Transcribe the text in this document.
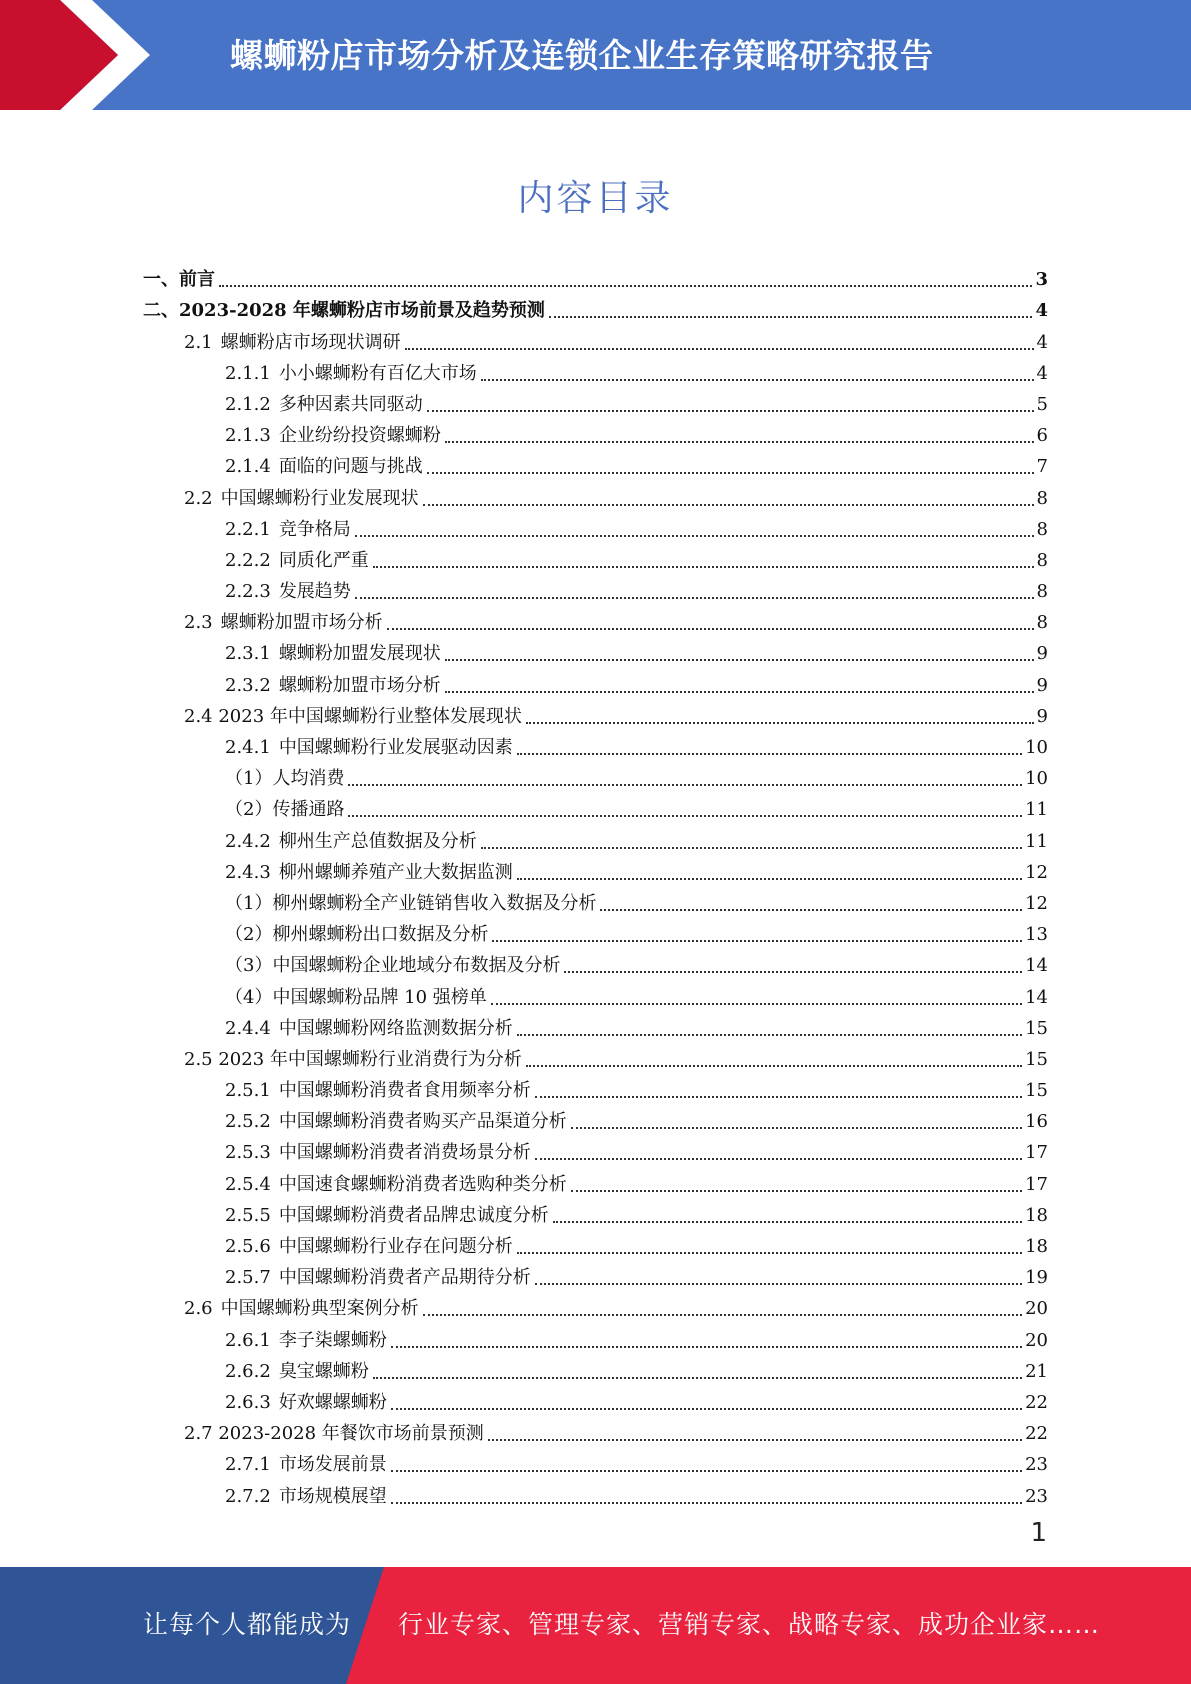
螺蛳粉店市场分析及连锁企业生存策略研究报告
内容目录
一、 前言	3
二、 2023-2028 年螺蛳粉店市场前景及趋势预测	4
2.1 螺蛳粉店市场现状调研	4
2.1.1 小小螺蛳粉有百亿大市场	4
2.1.2 多种因素共同驱动	5
2.1.3 企业纷纷投资螺蛳粉	6
2.1.4 面临的问题与挑战	7
2.2 中国螺蛳粉行业发展现状	8
2.2.1 竞争格局	8
2.2.2 同质化严重	8
2.2.3 发展趋势	8
2.3 螺蛳粉加盟市场分析	8
2.3.1 螺蛳粉加盟发展现状	9
2.3.2 螺蛳粉加盟市场分析	9
2.4 2023 年中国螺蛳粉行业整体发展现状	9
2.4.1 中国螺蛳粉行业发展驱动因素	10
（1） 人均消费	10
（2） 传播通路	11
2.4.2 柳州生产总值数据及分析	11
2.4.3 柳州螺蛳养殖产业大数据监测	12
（1） 柳州螺蛳粉全产业链销售收入数据及分析	12
（2） 柳州螺蛳粉出口数据及分析	13
（3） 中国螺蛳粉企业地域分布数据及分析	14
（4） 中国螺蛳粉品牌 10 强榜单	14
2.4.4 中国螺蛳粉网络监测数据分析	15
2.5 2023 年中国螺蛳粉行业消费行为分析	15
2.5.1 中国螺蛳粉消费者食用频率分析	15
2.5.2 中国螺蛳粉消费者购买产品渠道分析	16
2.5.3 中国螺蛳粉消费者消费场景分析	17
2.5.4 中国速食螺蛳粉消费者选购种类分析	17
2.5.5 中国螺蛳粉消费者品牌忠诚度分析	18
2.5.6 中国螺蛳粉行业存在问题分析	18
2.5.7 中国螺蛳粉消费者产品期待分析	19
2.6 中国螺蛳粉典型案例分析	20
2.6.1 李子柒螺蛳粉	20
2.6.2 臭宝螺蛳粉	21
2.6.3 好欢螺螺蛳粉	22
2.7 2023-2028 年餐饮市场前景预测	22
2.7.1 市场发展前景	23
2.7.2 市场规模展望	23
1
让每个人都能成为 行业专家、管理专家、营销专家、战略专家、成功企业家……
